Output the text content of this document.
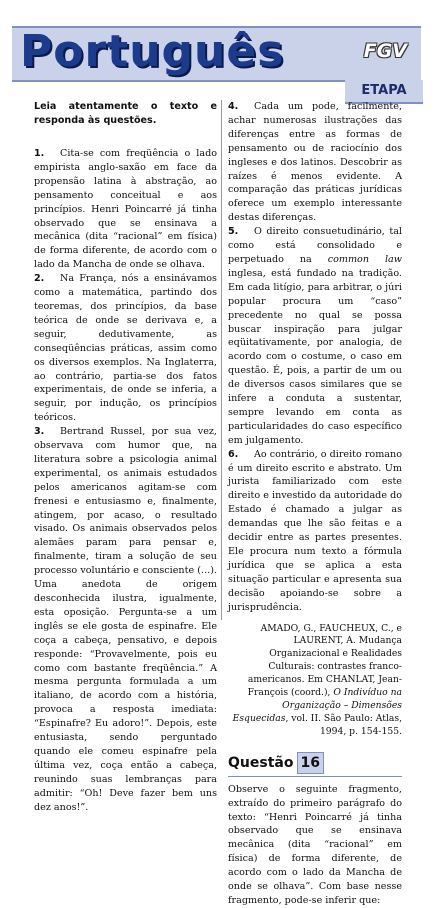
Português	FGV
ETAPA

Leia atentamente o texto e responda às questões.

1. Cita-se com freqüência o lado empirista anglo-saxão em face da propensão latina à abstração, ao pensamento conceitual e aos princípios. Henri Poincarré já tinha observado que se ensinava a mecânica (dita “racional” em física) de forma diferente, de acordo com o lado da Mancha de onde se olhava.

2. Na França, nós a ensinávamos como a matemática, partindo dos teoremas, dos princípios, da base teórica de onde se derivava e, a seguir, dedutivamente, as conseqüências práticas, assim como os diversos exemplos. Na Inglaterra, ao contrário, partia-se dos fatos experimentais, de onde se inferia, a seguir, por indução, os princípios teóricos.

3. Bertrand Russel, por sua vez, observava com humor que, na literatura sobre a psicologia animal experimental, os animais estudados pelos americanos agitam-se com frenesi e entusiasmo e, finalmente, atingem, por acaso, o resultado visado. Os animais observados pelos alemães param para pensar e, finalmente, tiram a solução de seu processo voluntário e consciente (...). Uma anedota de origem desconhecida ilustra, igualmente, esta oposição. Pergunta-se a um inglês se ele gosta de espinafre. Ele coça a cabeça, pensativo, e depois responde: “Provavelmente, pois eu como com bastante freqüência.” A mesma pergunta formulada a um italiano, de acordo com a história, provoca a resposta imediata: “Espinafre? Eu adoro!”. Depois, este entusiasta, sendo perguntado quando ele comeu espinafre pela última vez, coça então a cabeça, reunindo suas lembranças para admitir: “Oh! Deve fazer bem uns dez anos!”.

4. Cada um pode, facilmente, achar numerosas ilustrações das diferenças entre as formas de pensamento ou de raciocínio dos ingleses e dos latinos. Descobrir as raízes é menos evidente. A comparação das práticas jurídicas oferece um exemplo interessante destas diferenças.

5. O direito consuetudinário, tal como está consolidado e perpetuado na common law inglesa, está fundado na tradição. Em cada litígio, para arbitrar, o júri popular procura um “caso” precedente no qual se possa buscar inspiração para julgar eqüitativamente, por analogia, de acordo com o costume, o caso em questão. É, pois, a partir de um ou de diversos casos similares que se infere a conduta a sustentar, sempre levando em conta as particularidades do caso específico em julgamento.

6. Ao contrário, o direito romano é um direito escrito e abstrato. Um jurista familiarizado com este direito e investido da autoridade do Estado é chamado a julgar as demandas que lhe são feitas e a decidir entre as partes presentes. Ele procura num texto a fórmula jurídica que se aplica a esta situação particular e apresenta sua decisão apoiando-se sobre a jurisprudência.

AMADO, G., FAUCHEUX, C., e LAURENT, A. Mudança Organizacional e Realidades Culturais: contrastes franco-americanos. Em CHANLAT, Jean-François (coord.), O Indivíduo na Organização – Dimensões Esquecidas, vol. II. São Paulo: Atlas, 1994, p. 154-155.

Questão 16

Observe o seguinte fragmento, extraído do primeiro parágrafo do texto: “Henri Poincarré já tinha observado que se ensinava mecânica (dita “racional” em física) de forma diferente, de acordo com o lado da Mancha de onde se olhava”. Com base nesse fragmento, pode-se inferir que:
